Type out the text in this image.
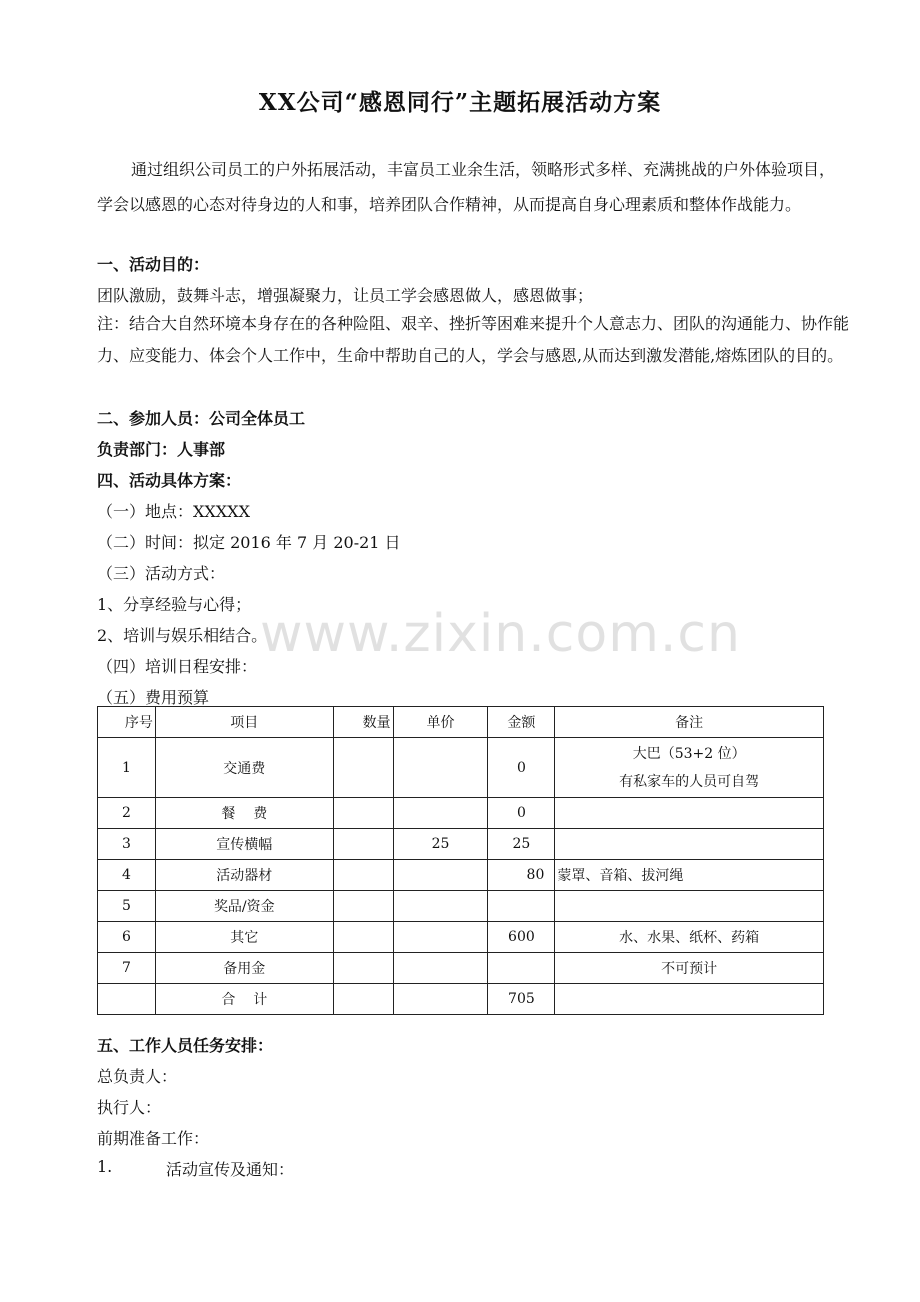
XX公司“感恩同行”主题拓展活动方案
通过组织公司员工的户外拓展活动，丰富员工业余生活，领略形式多样、充满挑战的户外体验项目，学会以感恩的心态对待身边的人和事，培养团队合作精神，从而提高自身心理素质和整体作战能力。
一、活动目的：
团队激励，鼓舞斗志，增强凝聚力，让员工学会感恩做人，感恩做事；
注：结合大自然环境本身存在的各种险阻、艰辛、挫折等困难来提升个人意志力、团队的沟通能力、协作能力、应变能力、体会个人工作中，生命中帮助自己的人，学会与感恩,从而达到激发潜能,熔炼团队的目的。
二、参加人员：公司全体员工
负责部门：人事部
四、活动具体方案：
（一）地点：XXXXX
（二）时间：拟定 2016 年 7 月 20-21 日
（三）活动方式：
1、分享经验与心得；
2、培训与娱乐相结合。
（四）培训日程安排：
（五）费用预算
序号	项目	数量	单价	金额	备注
1	交通费			0	大巴（53+2 位）
有私家车的人员可自驾

2	餐    费			0	
3	宣传横幅		25	25	
4	活动器材			80	蒙罩、音箱、拔河绳
5	奖品/资金				
6	其它			600	水、水果、纸杯、药箱
7	备用金				不可预计
	合    计			705	
五、工作人员任务安排：
总负责人：
执行人：
前期准备工作：
1.	活动宣传及通知：
www.zixin.com.cn
